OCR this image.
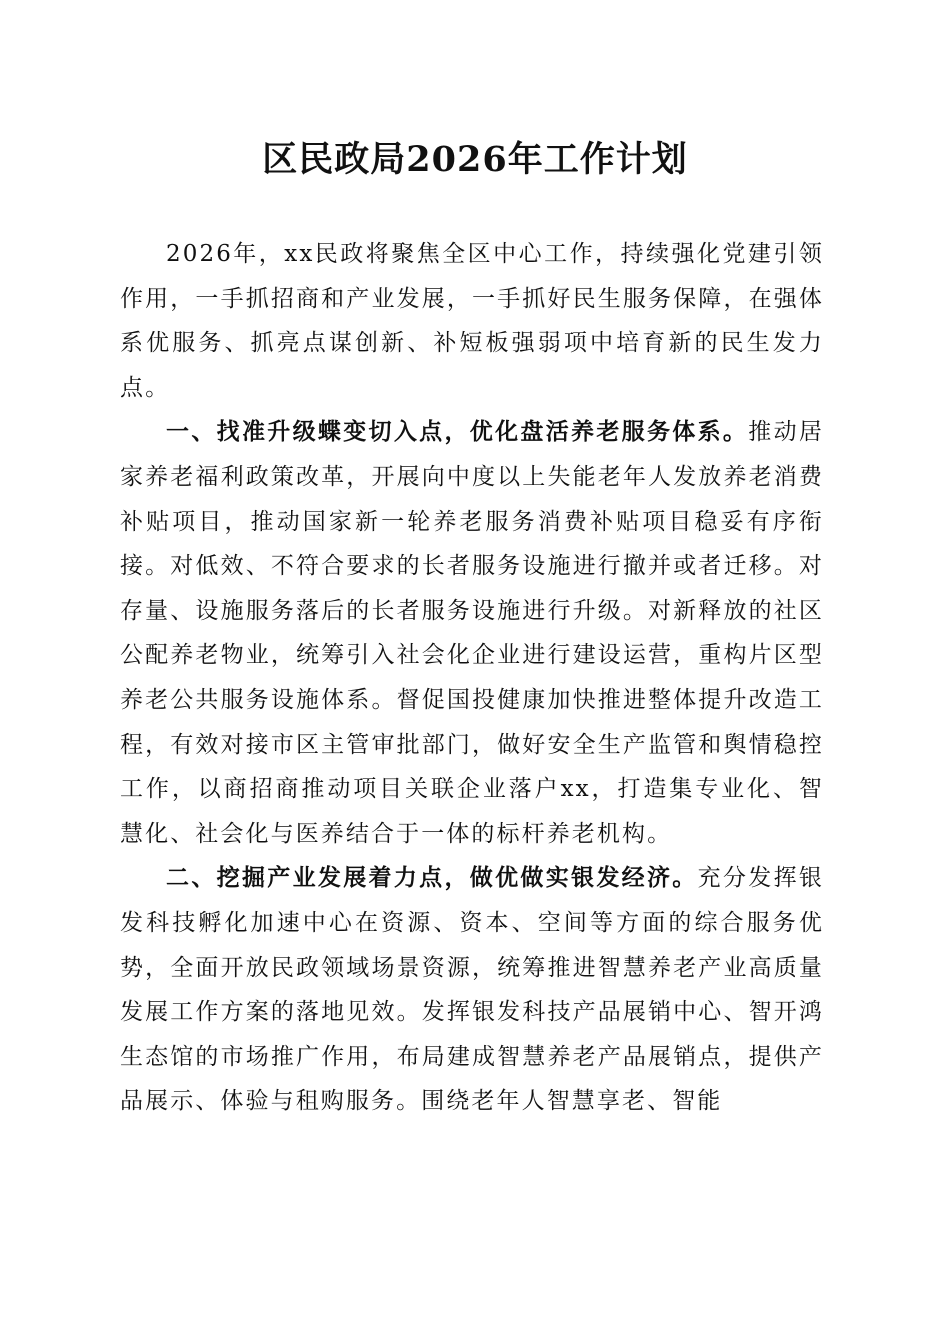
区民政局2026年工作计划

2026年，xx民政将聚焦全区中心工作，持续强化党建引领作用，一手抓招商和产业发展，一手抓好民生服务保障，在强体系优服务、抓亮点谋创新、补短板强弱项中培育新的民生发力点。

一、找准升级蝶变切入点，优化盘活养老服务体系。推动居家养老福利政策改革，开展向中度以上失能老年人发放养老消费补贴项目，推动国家新一轮养老服务消费补贴项目稳妥有序衔接。对低效、不符合要求的长者服务设施进行撤并或者迁移。对存量、设施服务落后的长者服务设施进行升级。对新释放的社区公配养老物业，统筹引入社会化企业进行建设运营，重构片区型养老公共服务设施体系。督促国投健康加快推进整体提升改造工程，有效对接市区主管审批部门，做好安全生产监管和舆情稳控工作，以商招商推动项目关联企业落户xx，打造集专业化、智慧化、社会化与医养结合于一体的标杆养老机构。

二、挖掘产业发展着力点，做优做实银发经济。充分发挥银发科技孵化加速中心在资源、资本、空间等方面的综合服务优势，全面开放民政领域场景资源，统筹推进智慧养老产业高质量发展工作方案的落地见效。发挥银发科技产品展销中心、智开鸿生态馆的市场推广作用，布局建成智慧养老产品展销点，提供产品展示、体验与租购服务。围绕老年人智慧享老、智能
